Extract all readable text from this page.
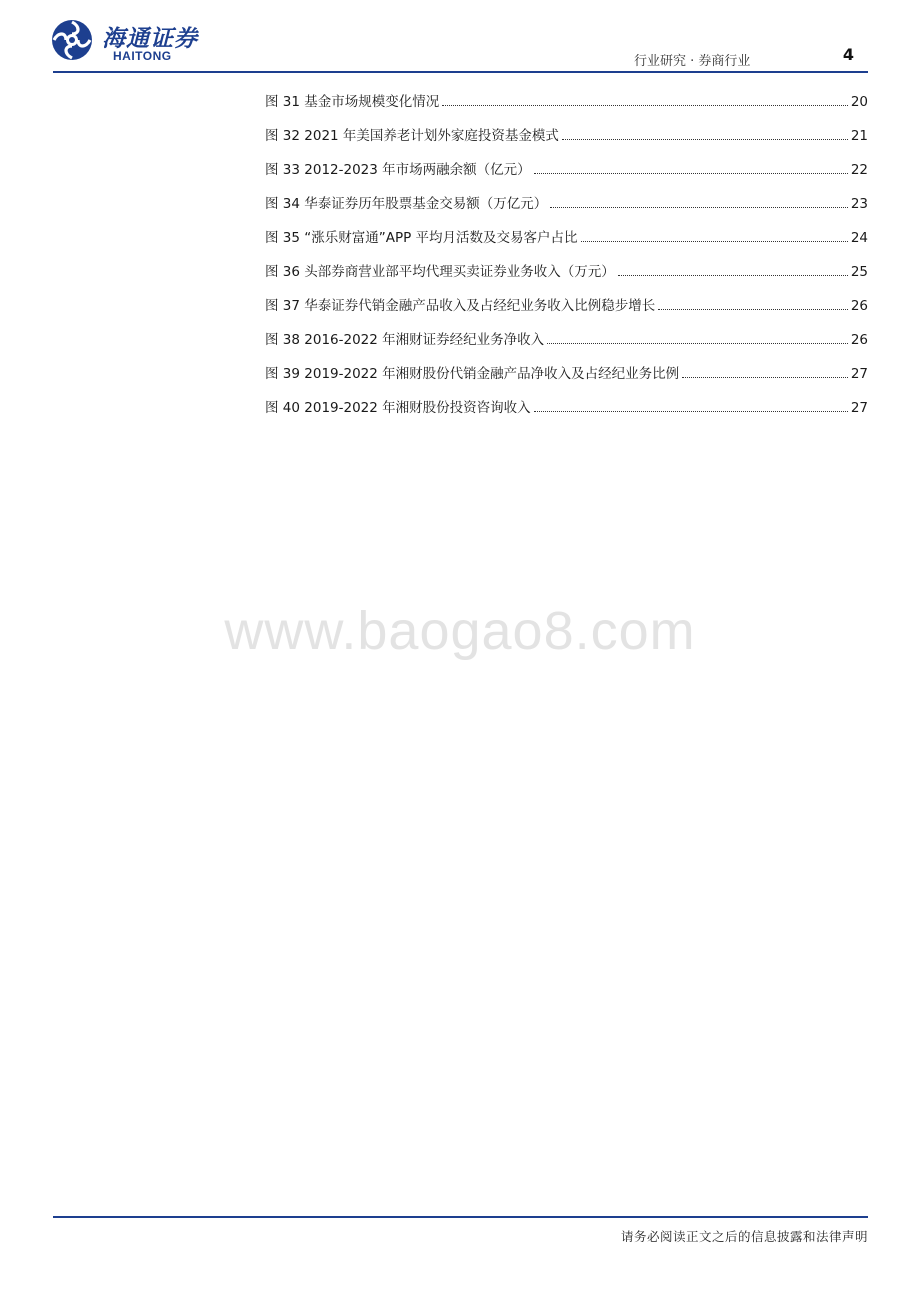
海通证券
HAITONG	行业研究 · 券商行业	4
图 31 基金市场规模变化情况	20
图 32 2021 年美国养老计划外家庭投资基金模式	21
图 33 2012-2023 年市场两融余额（亿元）	22
图 34 华泰证券历年股票基金交易额（万亿元）	23
图 35 “涨乐财富通”APP 平均月活数及交易客户占比	24
图 36 头部券商营业部平均代理买卖证券业务收入（万元）	25
图 37 华泰证券代销金融产品收入及占经纪业务收入比例稳步增长	26
图 38 2016-2022 年湘财证券经纪业务净收入	26
图 39 2019-2022 年湘财股份代销金融产品净收入及占经纪业务比例	27
图 40 2019-2022 年湘财股份投资咨询收入	27
www.baogao8.com
请务必阅读正文之后的信息披露和法律声明
